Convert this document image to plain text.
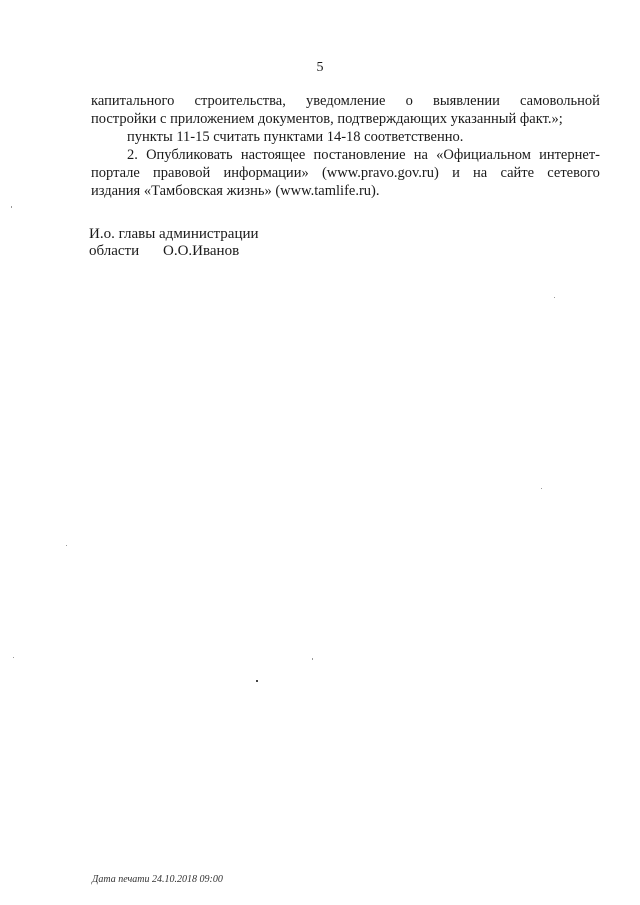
5
капитального строительства, уведомление о выявлении самовольной
постройки с приложением документов, подтверждающих указанный факт.»;
пункты 11-15 считать пунктами 14-18 соответственно.
2. Опубликовать настоящее постановление на «Официальном интернет-
портале правовой информации» (www.pravo.gov.ru) и на сайте сетевого
издания «Тамбовская жизнь» (www.tamlife.ru).
И.о. главы администрации
области О.О.Иванов
Дата печати 24.10.2018 09:00
